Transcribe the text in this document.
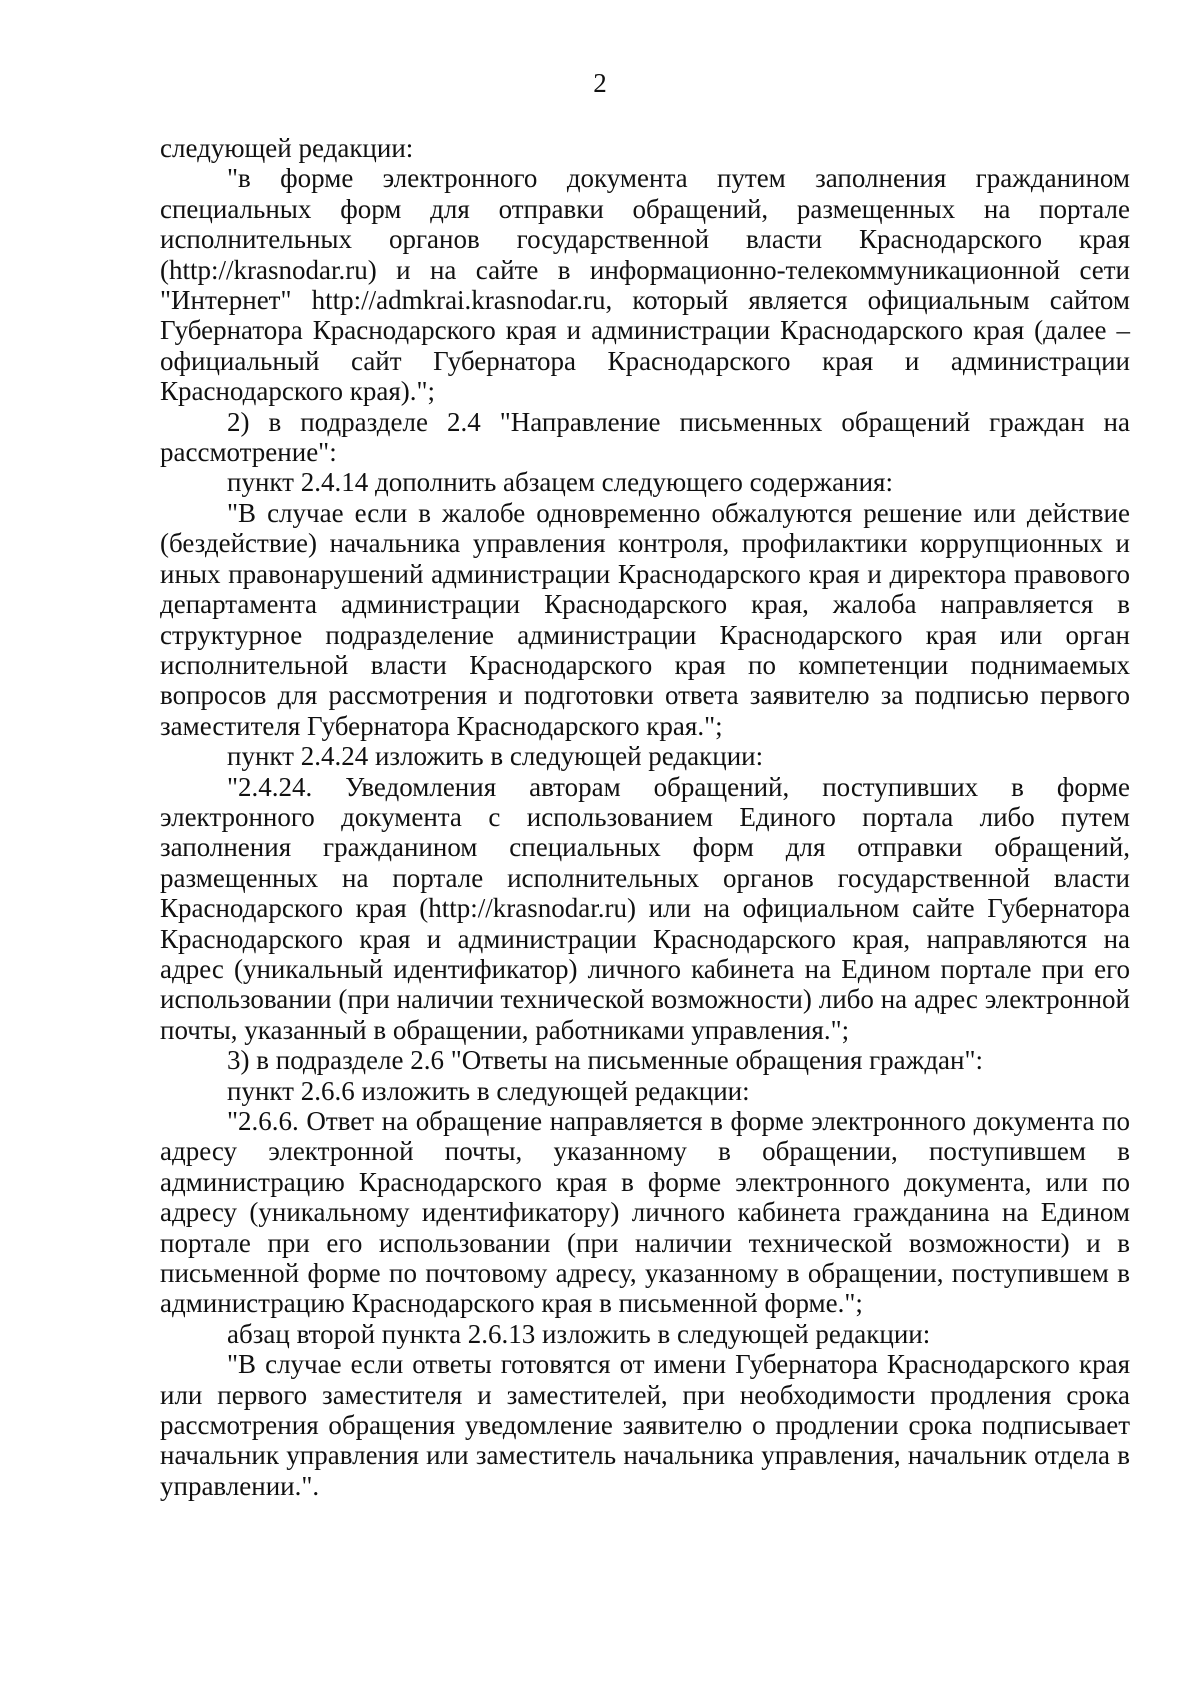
2

следующей редакции:

"в форме электронного документа путем заполнения гражданином специальных форм для отправки обращений, размещенных на портале исполнительных органов государственной власти Краснодарского края (http://krasnodar.ru) и на сайте в информационно-телекоммуникационной сети "Интернет" http://admkrai.krasnodar.ru, который является официальным сайтом Губернатора Краснодарского края и администрации Краснодарского края (далее – официальный сайт Губернатора Краснодарского края и администрации Краснодарского края).";

2) в подразделе 2.4 "Направление письменных обращений граждан на рассмотрение":

пункт 2.4.14 дополнить абзацем следующего содержания:

"В случае если в жалобе одновременно обжалуются решение или действие (бездействие) начальника управления контроля, профилактики коррупционных и иных правонарушений администрации Краснодарского края и директора правового департамента администрации Краснодарского края, жалоба направляется в структурное подразделение администрации Краснодарского края или орган исполнительной власти Краснодарского края по компетенции поднимаемых вопросов для рассмотрения и подготовки ответа заявителю за подписью первого заместителя Губернатора Краснодарского края.";

пункт 2.4.24 изложить в следующей редакции:

"2.4.24. Уведомления авторам обращений, поступивших в форме электронного документа с использованием Единого портала либо путем заполнения гражданином специальных форм для отправки обращений, размещенных на портале исполнительных органов государственной власти Краснодарского края (http://krasnodar.ru) или на официальном сайте Губернатора Краснодарского края и администрации Краснодарского края, направляются на адрес (уникальный идентификатор) личного кабинета на Едином портале при его использовании (при наличии технической возможности) либо на адрес электронной почты, указанный в обращении, работниками управления.";

3) в подразделе 2.6 "Ответы на письменные обращения граждан":

пункт 2.6.6 изложить в следующей редакции:

"2.6.6. Ответ на обращение направляется в форме электронного документа по адресу электронной почты, указанному в обращении, поступившем в администрацию Краснодарского края в форме электронного документа, или по адресу (уникальному идентификатору) личного кабинета гражданина на Едином портале при его использовании (при наличии технической возможности) и в письменной форме по почтовому адресу, указанному в обращении, поступившем в администрацию Краснодарского края в письменной форме.";

абзац второй пункта 2.6.13 изложить в следующей редакции:

"В случае если ответы готовятся от имени Губернатора Краснодарского края или первого заместителя и заместителей, при необходимости продления срока рассмотрения обращения уведомление заявителю о продлении срока подписывает начальник управления или заместитель начальника управления, начальник отдела в управлении.".
